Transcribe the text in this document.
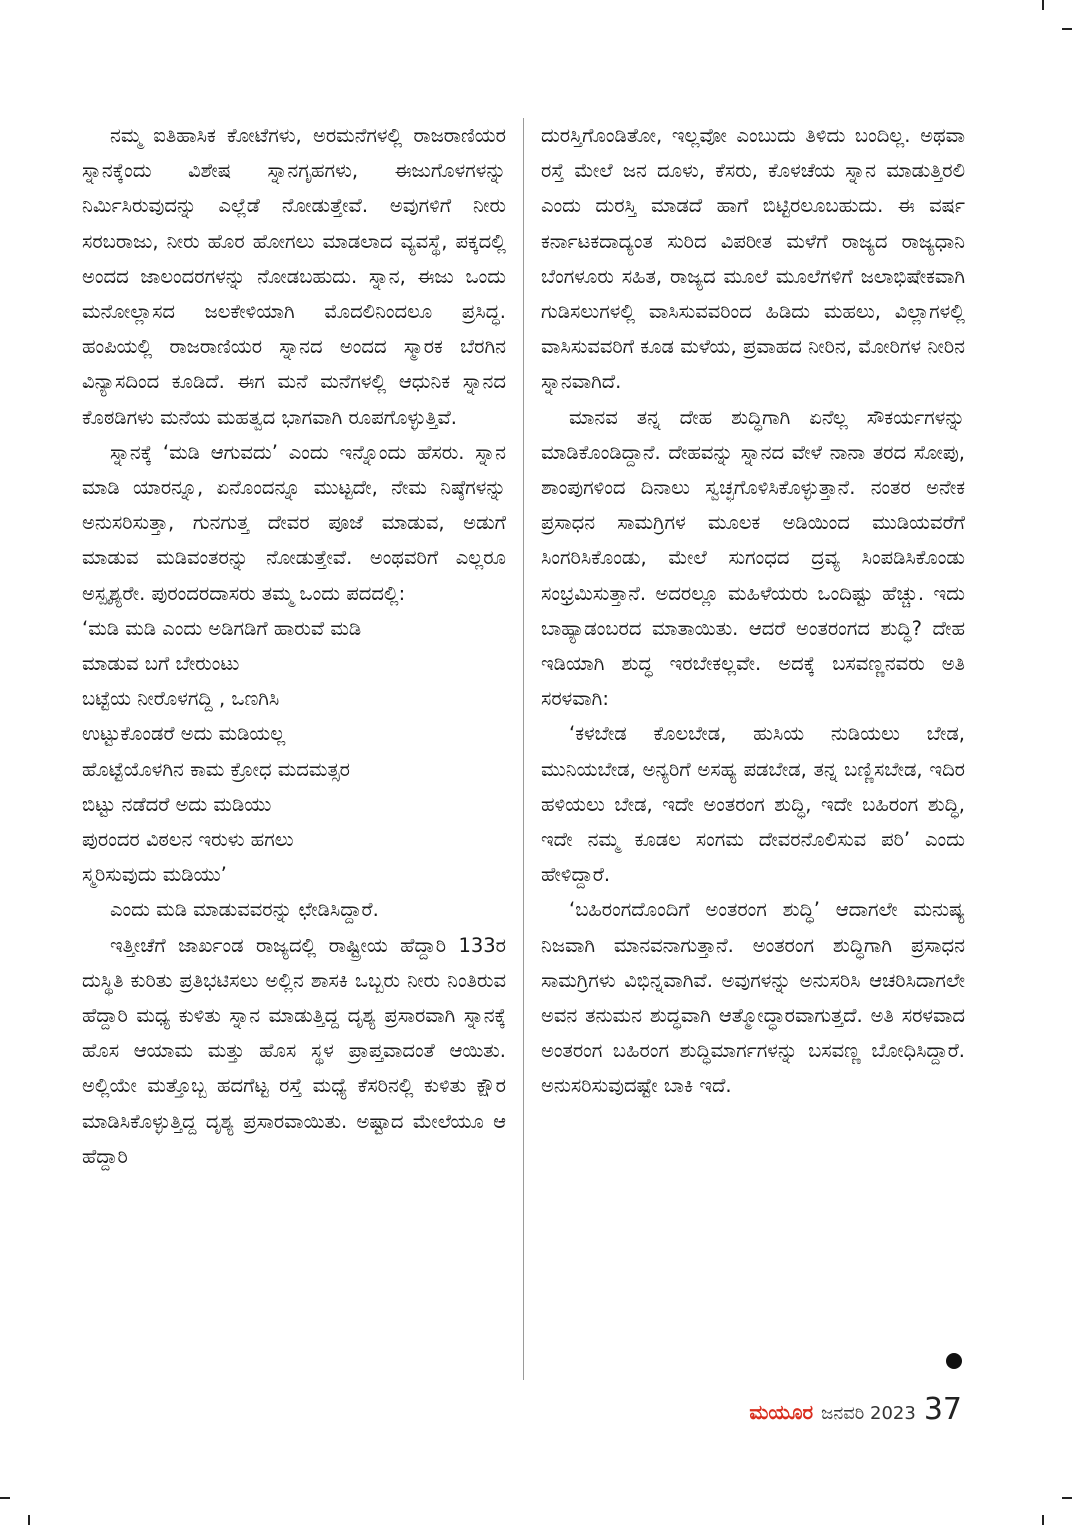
ನಮ್ಮ ಐತಿಹಾಸಿಕ ಕೋಟೆಗಳು, ಅರಮನೆಗಳಲ್ಲಿ ರಾಜರಾಣಿಯರ ಸ್ನಾನಕ್ಕೆಂದು ವಿಶೇಷ ಸ್ನಾನಗೃಹಗಳು, ಈಜುಗೊಳಗಳನ್ನು ನಿರ್ಮಿಸಿರುವುದನ್ನು ಎಲ್ಲೆಡೆ ನೋಡುತ್ತೇವೆ. ಅವುಗಳಿಗೆ ನೀರು ಸರಬರಾಜು, ನೀರು ಹೊರ ಹೋಗಲು ಮಾಡಲಾದ ವ್ಯವಸ್ಥೆ, ಪಕ್ಕದಲ್ಲಿ ಅಂದದ ಜಾಲಂದರಗಳನ್ನು ನೋಡಬಹುದು. ಸ್ನಾನ, ಈಜು ಒಂದು ಮನೋಲ್ಲಾಸದ ಜಲಕೇಳಿಯಾಗಿ ಮೊದಲಿನಿಂದಲೂ ಪ್ರಸಿದ್ಧ. ಹಂಪಿಯಲ್ಲಿ ರಾಜರಾಣಿಯರ ಸ್ನಾನದ ಅಂದದ ಸ್ಮಾರಕ ಬೆರಗಿನ ವಿನ್ಯಾಸದಿಂದ ಕೂಡಿದೆ. ಈಗ ಮನೆ ಮನೆಗಳಲ್ಲಿ ಆಧುನಿಕ ಸ್ನಾನದ ಕೊಠಡಿಗಳು ಮನೆಯ ಮಹತ್ವದ ಭಾಗವಾಗಿ ರೂಪಗೊಳ್ಳುತ್ತಿವೆ.

ಸ್ನಾನಕ್ಕೆ ‘ಮಡಿ ಆಗುವದು’ ಎಂದು ಇನ್ನೊಂದು ಹೆಸರು. ಸ್ನಾನ ಮಾಡಿ ಯಾರನ್ನೂ, ಏನೊಂದನ್ನೂ ಮುಟ್ಟದೇ, ನೇಮ ನಿಷ್ಠೆಗಳನ್ನು ಅನುಸರಿಸುತ್ತಾ, ಗುನಗುತ್ತ ದೇವರ ಪೂಜೆ ಮಾಡುವ, ಅಡುಗೆ ಮಾಡುವ ಮಡಿವಂತರನ್ನು ನೋಡುತ್ತೇವೆ. ಅಂಥವರಿಗೆ ಎಲ್ಲರೂ ಅಸ್ಪೃಶ್ಯರೇ. ಪುರಂದರದಾಸರು ತಮ್ಮ ಒಂದು ಪದದಲ್ಲಿ:

‘ಮಡಿ ಮಡಿ ಎಂದು ಅಡಿಗಡಿಗೆ ಹಾರುವೆ ಮಡಿ

ಮಾಡುವ ಬಗೆ ಬೇರುಂಟು

ಬಟ್ಟೆಯ ನೀರೊಳಗದ್ದಿ , ಒಣಗಿಸಿ

ಉಟ್ಟುಕೊಂಡರೆ ಅದು ಮಡಿಯಲ್ಲ

ಹೊಟ್ಟೆಯೊಳಗಿನ ಕಾಮ ಕ್ರೋಧ ಮದಮತ್ಸರ

ಬಿಟ್ಟು ನಡೆದರೆ ಅದು ಮಡಿಯು

ಪುರಂದರ ವಿಠಲನ ಇರುಳು ಹಗಲು

ಸ್ಮರಿಸುವುದು ಮಡಿಯು’

ಎಂದು ಮಡಿ ಮಾಡುವವರನ್ನು ಛೇಡಿಸಿದ್ದಾರೆ.

ಇತ್ತೀಚೆಗೆ ಜಾರ್ಖಂಡ ರಾಜ್ಯದಲ್ಲಿ ರಾಷ್ಟ್ರೀಯ ಹೆದ್ದಾರಿ 133ರ ದುಸ್ಥಿತಿ ಕುರಿತು ಪ್ರತಿಭಟಿಸಲು ಅಲ್ಲಿನ ಶಾಸಕಿ ಒಬ್ಬರು ನೀರು ನಿಂತಿರುವ ಹೆದ್ದಾರಿ ಮಧ್ಯ ಕುಳಿತು ಸ್ನಾನ ಮಾಡುತ್ತಿದ್ದ ದೃಶ್ಯ ಪ್ರಸಾರವಾಗಿ ಸ್ನಾನಕ್ಕೆ ಹೊಸ ಆಯಾಮ ಮತ್ತು ಹೊಸ ಸ್ಥಳ ಪ್ರಾಪ್ತವಾದಂತೆ ಆಯಿತು. ಅಲ್ಲಿಯೇ ಮತ್ತೊಬ್ಬ ಹದಗೆಟ್ಟ ರಸ್ತೆ ಮಧ್ಯೆ ಕೆಸರಿನಲ್ಲಿ ಕುಳಿತು ಕ್ಷೌರ ಮಾಡಿಸಿಕೊಳ್ಳುತ್ತಿದ್ದ ದೃಶ್ಯ ಪ್ರಸಾರವಾಯಿತು. ಅಷ್ಟಾದ ಮೇಲೆಯೂ ಆ ಹೆದ್ದಾರಿ

ದುರಸ್ತಿಗೊಂಡಿತೋ, ಇಲ್ಲವೋ ಎಂಬುದು ತಿಳಿದು ಬಂದಿಲ್ಲ. ಅಥವಾ ರಸ್ತೆ ಮೇಲೆ ಜನ ದೂಳು, ಕೆಸರು, ಕೊಳಚೆಯ ಸ್ನಾನ ಮಾಡುತ್ತಿರಲಿ ಎಂದು ದುರಸ್ತಿ ಮಾಡದೆ ಹಾಗೆ ಬಿಟ್ಟಿರಲೂಬಹುದು. ಈ ವರ್ಷ ಕರ್ನಾಟಕದಾದ್ಯಂತ ಸುರಿದ ವಿಪರೀತ ಮಳೆಗೆ ರಾಜ್ಯದ ರಾಜ್ಯಧಾನಿ ಬೆಂಗಳೂರು ಸಹಿತ, ರಾಜ್ಯದ ಮೂಲೆ ಮೂಲೆಗಳಿಗೆ ಜಲಾಭಿಷೇಕವಾಗಿ ಗುಡಿಸಲುಗಳಲ್ಲಿ ವಾಸಿಸುವವರಿಂದ ಹಿಡಿದು ಮಹಲು, ವಿಲ್ಲಾಗಳಲ್ಲಿ ವಾಸಿಸುವವರಿಗೆ ಕೂಡ ಮಳೆಯ, ಪ್ರವಾಹದ ನೀರಿನ, ಮೋರಿಗಳ ನೀರಿನ ಸ್ನಾನವಾಗಿದೆ.

ಮಾನವ ತನ್ನ ದೇಹ ಶುದ್ಧಿಗಾಗಿ ಏನೆಲ್ಲ ಸೌಕರ್ಯಗಳನ್ನು ಮಾಡಿಕೊಂಡಿದ್ದಾನೆ. ದೇಹವನ್ನು ಸ್ನಾನದ ವೇಳೆ ನಾನಾ ತರದ ಸೋಪು, ಶಾಂಪುಗಳಿಂದ ದಿನಾಲು ಸ್ವಚ್ಛಗೊಳಿಸಿಕೊಳ್ಳುತ್ತಾನೆ. ನಂತರ ಅನೇಕ ಪ್ರಸಾಧನ ಸಾಮಗ್ರಿಗಳ ಮೂಲಕ ಅಡಿಯಿಂದ ಮುಡಿಯವರೆಗೆ ಸಿಂಗರಿಸಿಕೊಂಡು, ಮೇಲೆ ಸುಗಂಧದ ದ್ರವ್ಯ ಸಿಂಪಡಿಸಿಕೊಂಡು ಸಂಭ್ರಮಿಸುತ್ತಾನೆ. ಅದರಲ್ಲೂ ಮಹಿಳೆಯರು ಒಂದಿಷ್ಟು ಹೆಚ್ಚು. ಇದು ಬಾಹ್ಯಾಡಂಬರದ ಮಾತಾಯಿತು. ಆದರೆ ಅಂತರಂಗದ ಶುದ್ಧಿ? ದೇಹ ಇಡಿಯಾಗಿ ಶುದ್ಧ ಇರಬೇಕಲ್ಲವೇ. ಅದಕ್ಕೆ ಬಸವಣ್ಣನವರು ಅತಿ ಸರಳವಾಗಿ:

‘ಕಳಬೇಡ ಕೊಲಬೇಡ, ಹುಸಿಯ ನುಡಿಯಲು ಬೇಡ, ಮುನಿಯಬೇಡ, ಅನ್ಯರಿಗೆ ಅಸಹ್ಯ ಪಡಬೇಡ, ತನ್ನ ಬಣ್ಣಿಸಬೇಡ, ಇದಿರ ಹಳಿಯಲು ಬೇಡ, ಇದೇ ಅಂತರಂಗ ಶುದ್ಧಿ, ಇದೇ ಬಹಿರಂಗ ಶುದ್ಧಿ, ಇದೇ ನಮ್ಮ ಕೂಡಲ ಸಂಗಮ ದೇವರನೊಲಿಸುವ ಪರಿ’ ಎಂದು ಹೇಳಿದ್ದಾರೆ.

‘ಬಹಿರಂಗದೊಂದಿಗೆ ಅಂತರಂಗ ಶುದ್ಧಿ’ ಆದಾಗಲೇ ಮನುಷ್ಯ ನಿಜವಾಗಿ ಮಾನವನಾಗುತ್ತಾನೆ. ಅಂತರಂಗ ಶುದ್ಧಿಗಾಗಿ ಪ್ರಸಾಧನ ಸಾಮಗ್ರಿಗಳು ವಿಭಿನ್ನವಾಗಿವೆ. ಅವುಗಳನ್ನು ಅನುಸರಿಸಿ ಆಚರಿಸಿದಾಗಲೇ ಅವನ ತನುಮನ ಶುದ್ಧವಾಗಿ ಆತ್ಮೋದ್ಧಾರವಾಗುತ್ತದೆ. ಅತಿ ಸರಳವಾದ ಅಂತರಂಗ ಬಹಿರಂಗ ಶುದ್ಧಿಮಾರ್ಗಗಳನ್ನು ಬಸವಣ್ಣ ಬೋಧಿಸಿದ್ದಾರೆ. ಅನುಸರಿಸುವುದಷ್ಟೇ ಬಾಕಿ ಇದೆ.

ಮಯೂರ ಜನವರಿ 2023 37
